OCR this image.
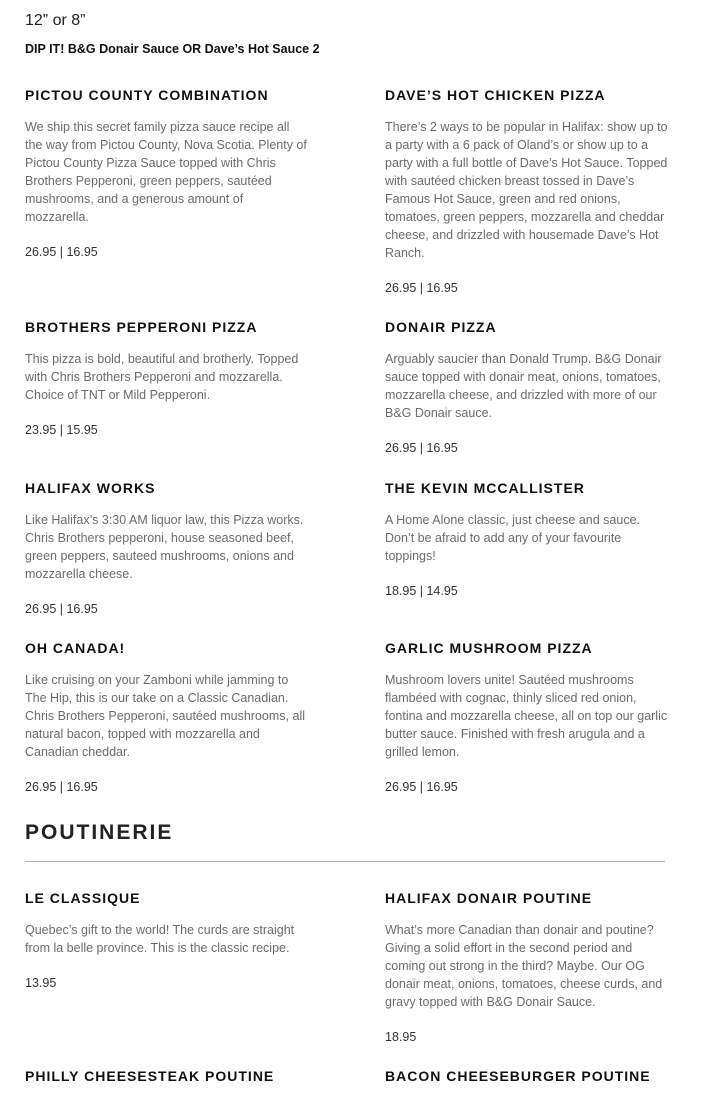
12” or 8”
DIP IT! B&G Donair Sauce OR Dave’s Hot Sauce 2
PICTOU COUNTY COMBINATION

We ship this secret family pizza sauce recipe all the way from Pictou County, Nova Scotia. Plenty of Pictou County Pizza Sauce topped with Chris Brothers Pepperoni, green peppers, sautéed mushrooms, and a generous amount of mozzarella.

26.95 | 16.95

DAVE’S HOT CHICKEN PIZZA

There’s 2 ways to be popular in Halifax: show up to a party with a 6 pack of Oland’s or show up to a party with a full bottle of Dave’s Hot Sauce. Topped with sautéed chicken breast tossed in Dave’s Famous Hot Sauce, green and red onions, tomatoes, green peppers, mozzarella and cheddar cheese, and drizzled with housemade Dave’s Hot Ranch.

26.95 | 16.95

BROTHERS PEPPERONI PIZZA

This pizza is bold, beautiful and brotherly. Topped with Chris Brothers Pepperoni and mozzarella. Choice of TNT or Mild Pepperoni.

23.95 | 15.95

DONAIR PIZZA

Arguably saucier than Donald Trump. B&G Donair sauce topped with donair meat, onions, tomatoes, mozzarella cheese, and drizzled with more of our B&G Donair sauce.

26.95 | 16.95

HALIFAX WORKS

Like Halifax’s 3:30 AM liquor law, this Pizza works. Chris Brothers pepperoni, house seasoned beef, green peppers, sauteed mushrooms, onions and mozzarella cheese.

26.95 | 16.95

THE KEVIN MCCALLISTER

A Home Alone classic, just cheese and sauce. Don’t be afraid to add any of your favourite toppings!

18.95 | 14.95

OH CANADA!

Like cruising on your Zamboni while jamming to The Hip, this is our take on a Classic Canadian. Chris Brothers Pepperoni, sautéed mushrooms, all natural bacon, topped with mozzarella and Canadian cheddar.

26.95 | 16.95

GARLIC MUSHROOM PIZZA

Mushroom lovers unite! Sautéed mushrooms flambéed with cognac, thinly sliced red onion, fontina and mozzarella cheese, all on top our garlic butter sauce. Finished with fresh arugula and a grilled lemon.

26.95 | 16.95

POUTINERIE
LE CLASSIQUE

Quebec’s gift to the world! The curds are straight from la belle province. This is the classic recipe.

13.95

HALIFAX DONAIR POUTINE

What’s more Canadian than donair and poutine? Giving a solid effort in the second period and coming out strong in the third? Maybe. Our OG donair meat, onions, tomatoes, cheese curds, and gravy topped with B&G Donair Sauce.

18.95

PHILLY CHEESESTEAK POUTINE	BACON CHEESEBURGER POUTINE
